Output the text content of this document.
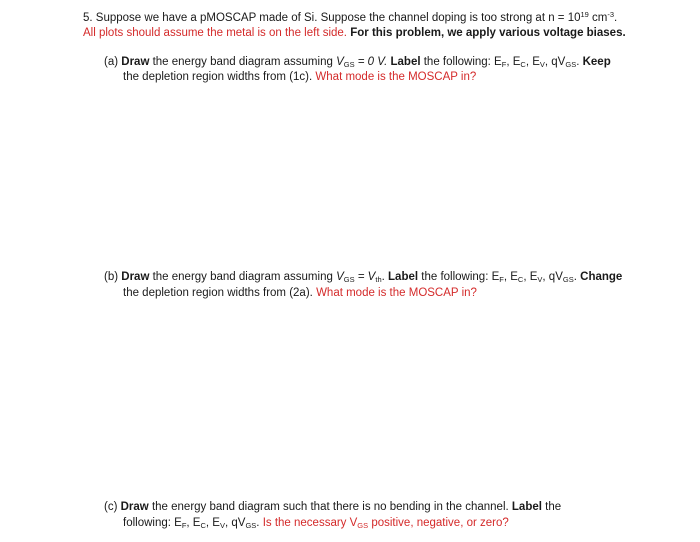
5. Suppose we have a pMOSCAP made of Si. Suppose the channel doping is too strong at $n = 10^{19}$ $cm^{-3}$.
All plots should assume the metal is on the left side. For this problem, we apply various voltage biases.
(a) Draw the energy band diagram assuming $V_{GS} = 0$ V. Label the following: $E_F$, $E_C$, $E_V$, $qV_{GS}$. Keep
the depletion region widths from (1c). What mode is the MOSCAP in?
(b) Draw the energy band diagram assuming $V_{GS} = V_{th}$. Label the following: $E_F$, $E_C$, $E_V$, $qV_{GS}$. Change
the depletion region widths from (2a). What mode is the MOSCAP in?
(c) Draw the energy band diagram such that there is no bending in the channel. Label the
following: $E_F$, $E_C$, $E_V$, $qV_{GS}$. Is the necessary $V_{GS}$ positive, negative, or zero?
